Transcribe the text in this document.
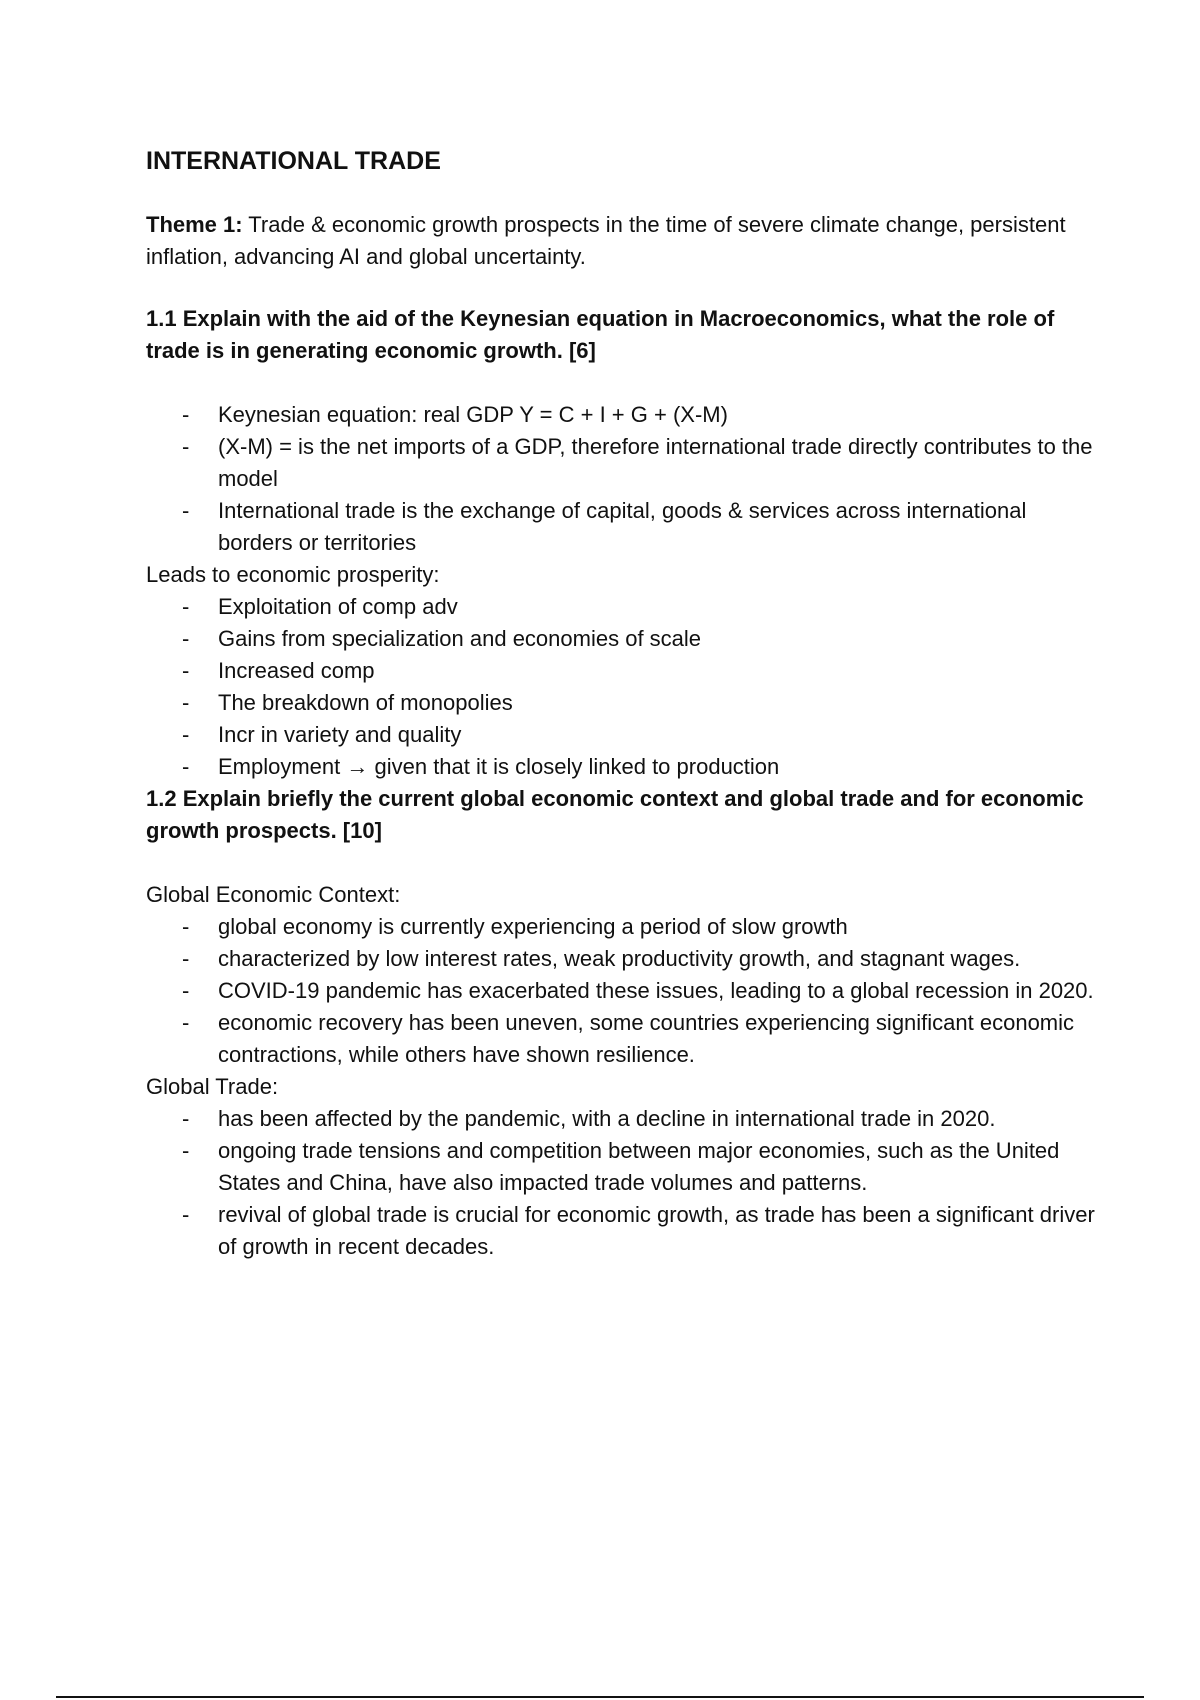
INTERNATIONAL TRADE

Theme 1: Trade & economic growth prospects in the time of severe climate change, persistent inflation, advancing AI and global uncertainty.

1.1 Explain with the aid of the Keynesian equation in Macroeconomics, what the role of trade is in generating economic growth. [6]

- Keynesian equation: real GDP Y = C + I + G + (X-M)
- (X-M) = is the net imports of a GDP, therefore international trade directly contributes to the model
- International trade is the exchange of capital, goods & services across international borders or territories

Leads to economic prosperity:

- Exploitation of comp adv
- Gains from specialization and economies of scale
- Increased comp
- The breakdown of monopolies
- Incr in variety and quality
- Employment → given that it is closely linked to production

1.2 Explain briefly the current global economic context and global trade and for economic growth prospects. [10]

Global Economic Context:

- global economy is currently experiencing a period of slow growth
- characterized by low interest rates, weak productivity growth, and stagnant wages.
- COVID-19 pandemic has exacerbated these issues, leading to a global recession in 2020.
- economic recovery has been uneven, some countries experiencing significant economic contractions, while others have shown resilience.

Global Trade:

- has been affected by the pandemic, with a decline in international trade in 2020.
- ongoing trade tensions and competition between major economies, such as the United States and China, have also impacted trade volumes and patterns.
- revival of global trade is crucial for economic growth, as trade has been a significant driver of growth in recent decades.
